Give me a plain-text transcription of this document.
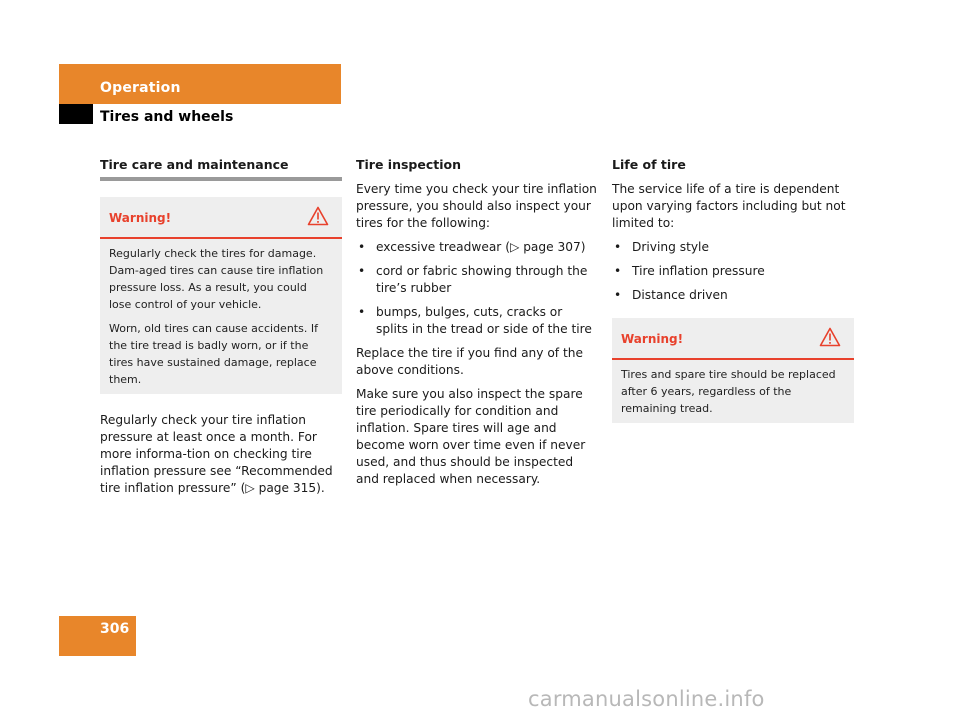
Operation
Tires and wheels
Tire care and maintenance
Warning!

Regularly check the tires for damage. Dam-aged tires can cause tire inflation pressure loss. As a result, you could lose control of your vehicle.

Worn, old tires can cause accidents. If the tire tread is badly worn, or if the tires have sustained damage, replace them.

Regularly check your tire inflation pressure at least once a month. For more informa-tion on checking tire inflation pressure see “Recommended tire inflation pressure” (▷ page 315).

Tire inspection

Every time you check your tire inflation pressure, you should also inspect your tires for the following:

• excessive treadwear (▷ page 307)
• cord or fabric showing through the tire’s rubber
• bumps, bulges, cuts, cracks or splits in the tread or side of the tire

Replace the tire if you find any of the above conditions.

Make sure you also inspect the spare tire periodically for condition and inflation. Spare tires will age and become worn over time even if never used, and thus should be inspected and replaced when necessary.

Life of tire

The service life of a tire is dependent upon varying factors including but not limited to:

• Driving style
• Tire inflation pressure
• Distance driven
Warning!

Tires and spare tire should be replaced after 6 years, regardless of the remaining tread.

306
carmanualsonline.info
